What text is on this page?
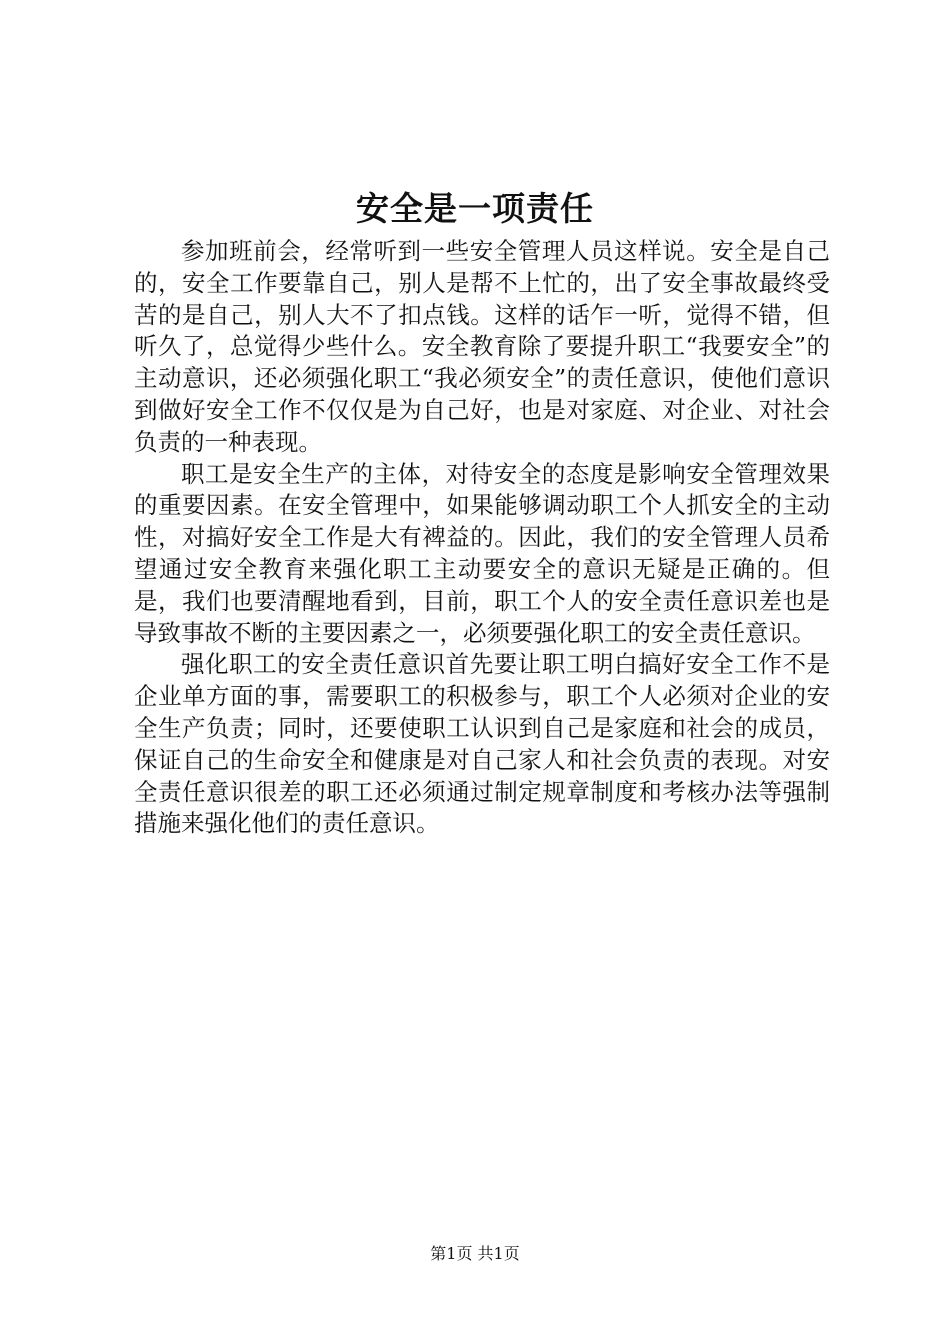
安全是一项责任

参加班前会，经常听到一些安全管理人员这样说。安全是自己的，安全工作要靠自己，别人是帮不上忙的，出了安全事故最终受苦的是自己，别人大不了扣点钱。这样的话乍一听，觉得不错，但听久了，总觉得少些什么。安全教育除了要提升职工“我要安全”的主动意识，还必须强化职工“我必须安全”的责任意识，使他们意识到做好安全工作不仅仅是为自己好，也是对家庭、对企业、对社会负责的一种表现。

职工是安全生产的主体，对待安全的态度是影响安全管理效果的重要因素。在安全管理中，如果能够调动职工个人抓安全的主动性，对搞好安全工作是大有裨益的。因此，我们的安全管理人员希望通过安全教育来强化职工主动要安全的意识无疑是正确的。但是，我们也要清醒地看到，目前，职工个人的安全责任意识差也是导致事故不断的主要因素之一，必须要强化职工的安全责任意识。

强化职工的安全责任意识首先要让职工明白搞好安全工作不是企业单方面的事，需要职工的积极参与，职工个人必须对企业的安全生产负责；同时，还要使职工认识到自己是家庭和社会的成员，保证自己的生命安全和健康是对自己家人和社会负责的表现。对安全责任意识很差的职工还必须通过制定规章制度和考核办法等强制措施来强化他们的责任意识。

第1页 共1页
